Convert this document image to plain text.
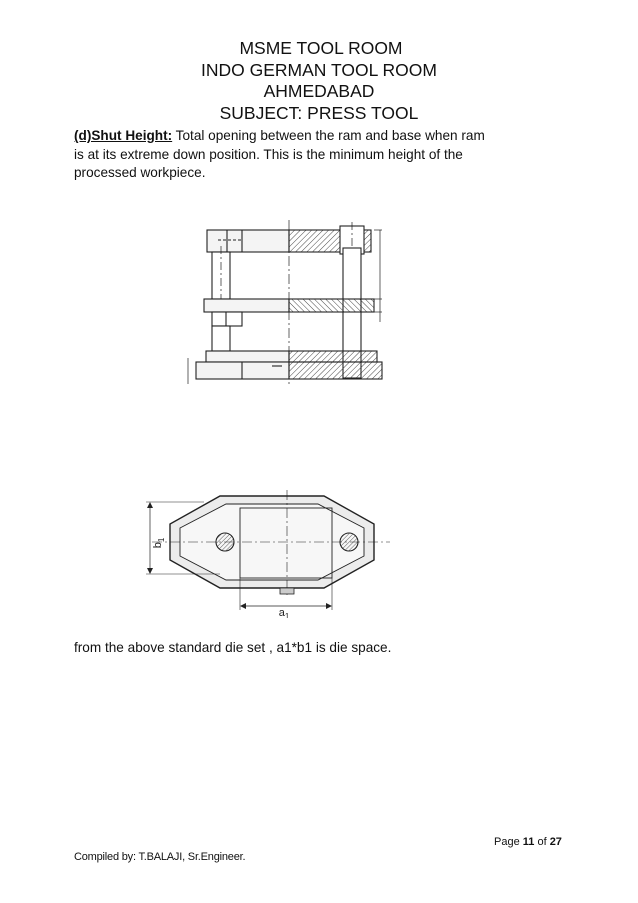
MSME TOOL ROOM
INDO GERMAN TOOL ROOM
AHMEDABAD
SUBJECT: PRESS TOOL
(d)Shut Height: Total opening between the ram and base when ram
is at its extreme down position. This is the minimum height of the
processed workpiece.
$b_1$
$a_1$
from the above standard die set , a1*b1 is die space.
Page 11 of 27
Compiled by: T.BALAJI, Sr.Engineer.
